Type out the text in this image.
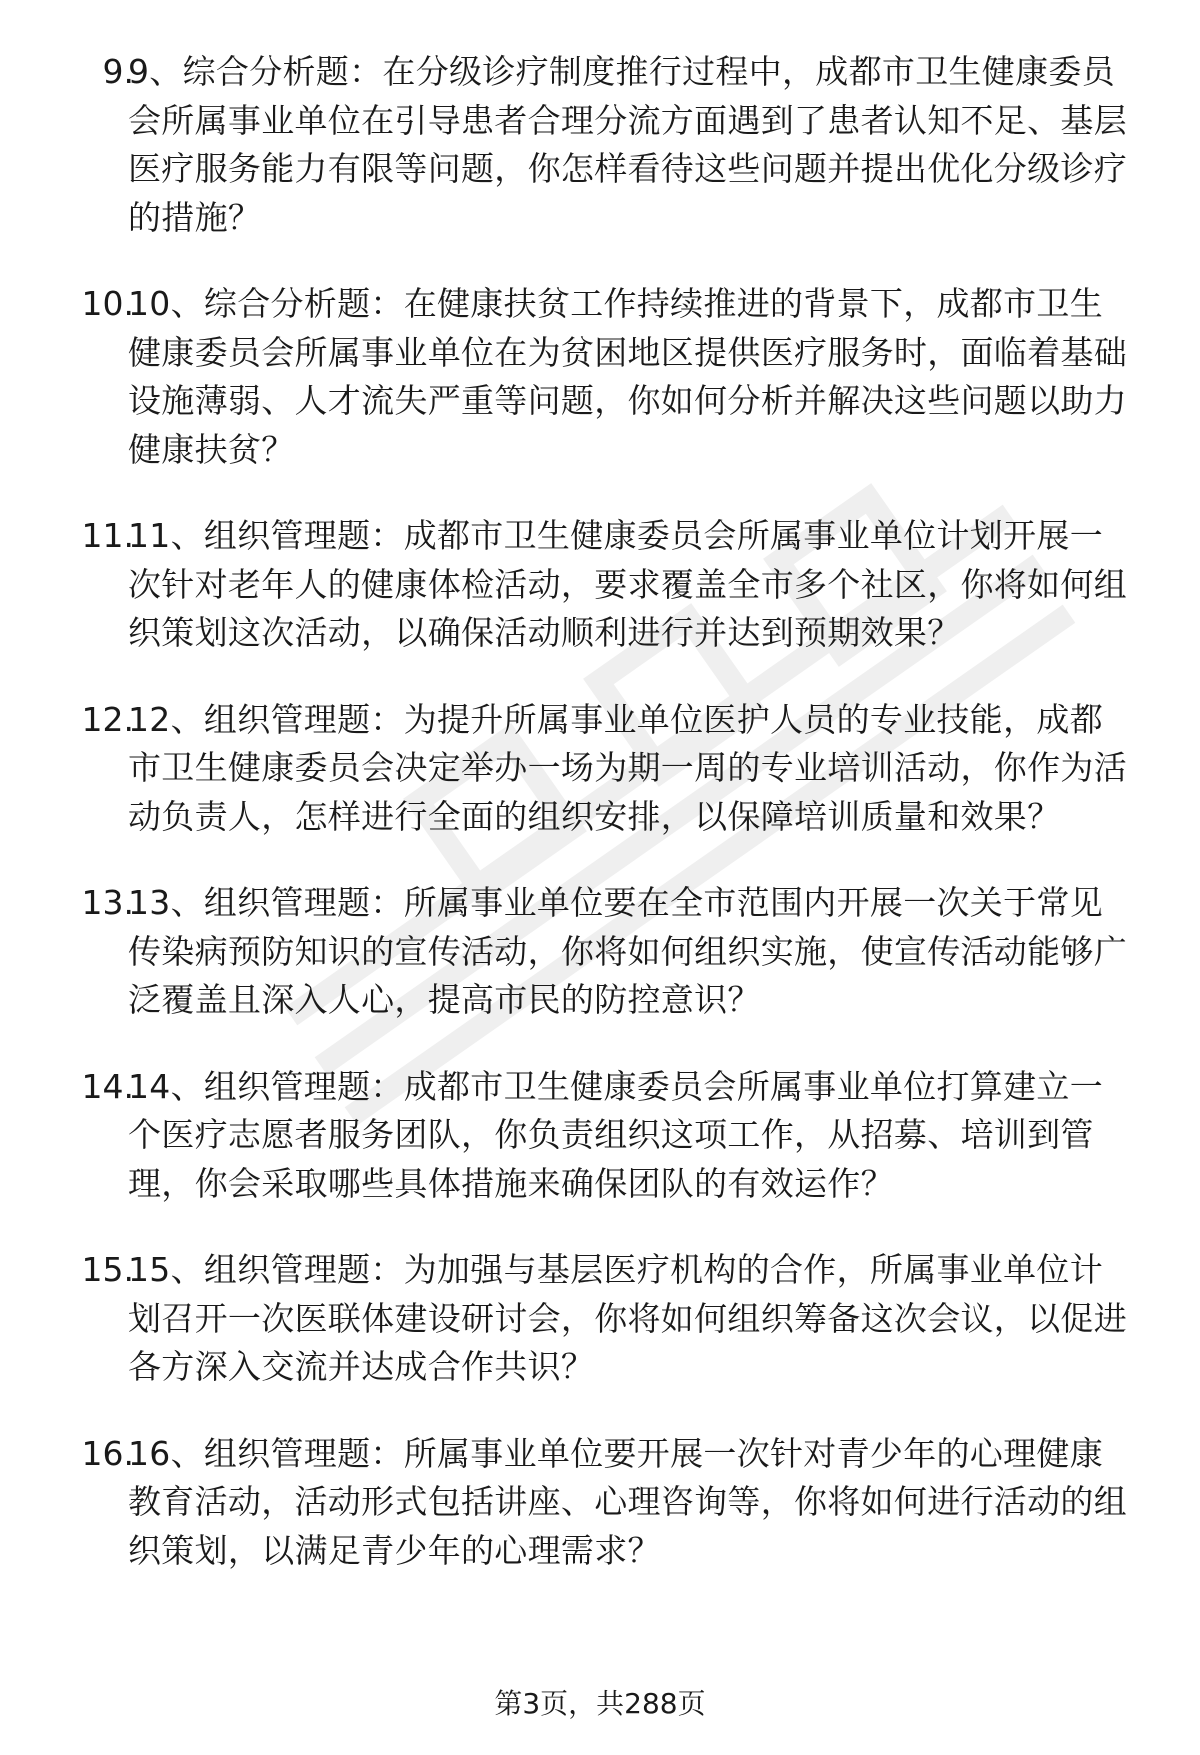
9.
9、综合分析题：在分级诊疗制度推行过程中，成都市卫生健康委员会所属事业单位在引导患者合理分流方面遇到了患者认知不足、基层医疗服务能力有限等问题，你怎样看待这些问题并提出优化分级诊疗的措施？
10.
10、综合分析题：在健康扶贫工作持续推进的背景下，成都市卫生健康委员会所属事业单位在为贫困地区提供医疗服务时，面临着基础设施薄弱、人才流失严重等问题，你如何分析并解决这些问题以助力健康扶贫？
11.
11、组织管理题：成都市卫生健康委员会所属事业单位计划开展一次针对老年人的健康体检活动，要求覆盖全市多个社区，你将如何组织策划这次活动，以确保活动顺利进行并达到预期效果？
12.
12、组织管理题：为提升所属事业单位医护人员的专业技能，成都市卫生健康委员会决定举办一场为期一周的专业培训活动，你作为活动负责人，怎样进行全面的组织安排，以保障培训质量和效果？
13.
13、组织管理题：所属事业单位要在全市范围内开展一次关于常见传染病预防知识的宣传活动，你将如何组织实施，使宣传活动能够广泛覆盖且深入人心，提高市民的防控意识？
14.
14、组织管理题：成都市卫生健康委员会所属事业单位打算建立一个医疗志愿者服务团队，你负责组织这项工作，从招募、培训到管理，你会采取哪些具体措施来确保团队的有效运作？
15.
15、组织管理题：为加强与基层医疗机构的合作，所属事业单位计划召开一次医联体建设研讨会，你将如何组织筹备这次会议，以促进各方深入交流并达成合作共识？
16.
16、组织管理题：所属事业单位要开展一次针对青少年的心理健康教育活动，活动形式包括讲座、心理咨询等，你将如何进行活动的组织策划，以满足青少年的心理需求？
第3页，共288页
